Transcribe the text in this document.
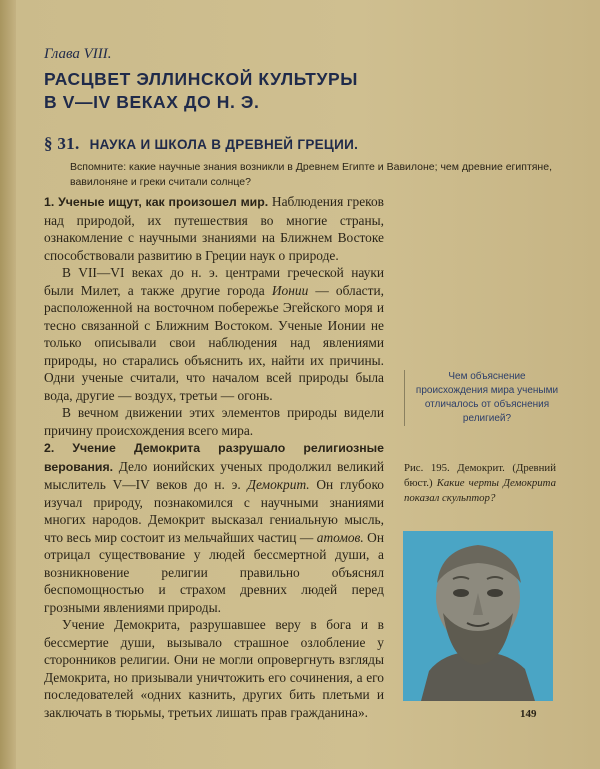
Глава VIII.
РАСЦВЕТ ЭЛЛИНСКОЙ КУЛЬТУРЫ
В V—IV ВЕКАХ ДО Н. Э.
§ 31. НАУКА И ШКОЛА В ДРЕВНЕЙ ГРЕЦИИ.
Вспомните: какие научные знания возникли в Древнем Египте и Вавилоне; чем древние египтяне, вавилоняне и греки считали солнце?

1. Ученые ищут, как произошел мир. Наблюдения греков над природой, их путешествия во многие страны, ознакомление с научными знаниями на Ближнем Востоке способствовали развитию в Греции наук о природе.

В VII—VI веках до н. э. центрами греческой науки были Милет, а также другие города Ионии — области, расположенной на восточном побережье Эгейского моря и тесно связанной с Ближним Востоком. Ученые Ионии не только описывали свои наблюдения над явлениями природы, но старались объяснить их, найти их причины. Одни ученые считали, что началом всей природы была вода, другие — воздух, третьи — огонь.

В вечном движении этих элементов природы видели причину происхождения всего мира.

2. Учение Демокрита разрушало религиозные верования. Дело ионийских ученых продолжил великий мыслитель V—IV веков до н. э. Демокрит. Он глубоко изучал природу, познакомился с научными знаниями многих народов. Демокрит высказал гениальную мысль, что весь мир состоит из мельчайших частиц — атомов. Он отрицал существование у людей бессмертной души, а возникновение религии правильно объяснял беспомощностью и страхом древних людей перед грозными явлениями природы.

Учение Демокрита, разрушавшее веру в бога и в бессмертие души, вызывало страшное озлобление у сторонников религии. Они не могли опровергнуть взгляды Демокрита, но призывали уничтожить его сочинения, а его последователей «одних казнить, других бить плетьми и заключать в тюрьмы, третьих лишать прав гражданина».

Чем объяснение происхождения мира учеными отличалось от объяснения религией?
Рис. 195. Демокрит. (Древний бюст.) Какие черты Демокрита показал скульптор?
149
